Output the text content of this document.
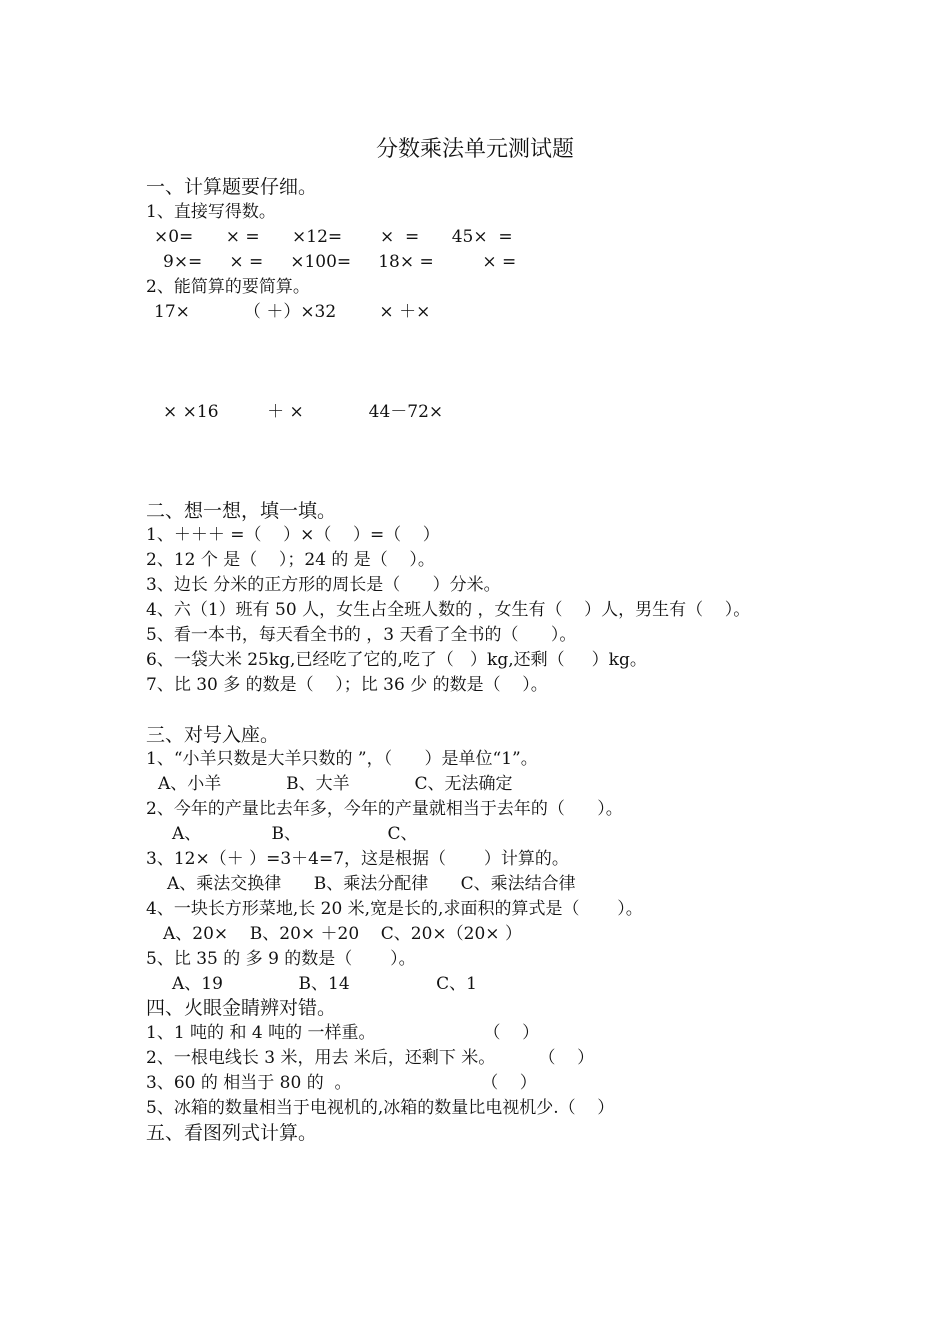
分数乘法单元测试题
一、计算题要仔细。
1、直接写得数。
×0=      × =      ×12=       ×  =      45×  =
9×=     × =     ×100=     18× =         × =
2、能简算的要简算。
17×          （ ＋）×32        × ＋×
× ×16         ＋ ×            44－72×
二、想一想，填一填。
1、＋＋＋ =（    ）×（    ）=（    ）
2、12 个 是（    ）；24 的 是（    ）。
3、边长 分米的正方形的周长是（      ）分米。
4、六（1）班有 50 人，女生占全班人数的 ，女生有（    ）人，男生有（    ）。
5、看一本书，每天看全书的 ，3 天看了全书的（      ）。
6、一袋大米 25kg,已经吃了它的,吃了（   ）kg,还剩（     ）kg。
7、比 30 多 的数是（    ）；比 36 少 的数是（    ）。
三、对号入座。
1、“小羊只数是大羊只数的 ”，（      ）是单位“1”。
A、小羊            B、大羊            C、无法确定
2、今年的产量比去年多，今年的产量就相当于去年的（      ）。
A、             B、                C、
3、12×（＋ ）=3＋4=7，这是根据（       ）计算的。
A、乘法交换律      B、乘法分配律      C、乘法结合律
4、一块长方形菜地,长 20 米,宽是长的,求面积的算式是（       ）。
A、20×    B、20× ＋20    C、20×（20× ）
5、比 35 的 多 9 的数是（       ）。
A、19              B、14                C、1
四、火眼金睛辨对错。
1、1 吨的 和 4 吨的 一样重。                    （    ）
2、一根电线长 3 米，用去 米后，还剩下 米。        （    ）
3、60 的 相当于 80 的  。                        （    ）
5、冰箱的数量相当于电视机的,冰箱的数量比电视机少.（    ）
五、看图列式计算。
